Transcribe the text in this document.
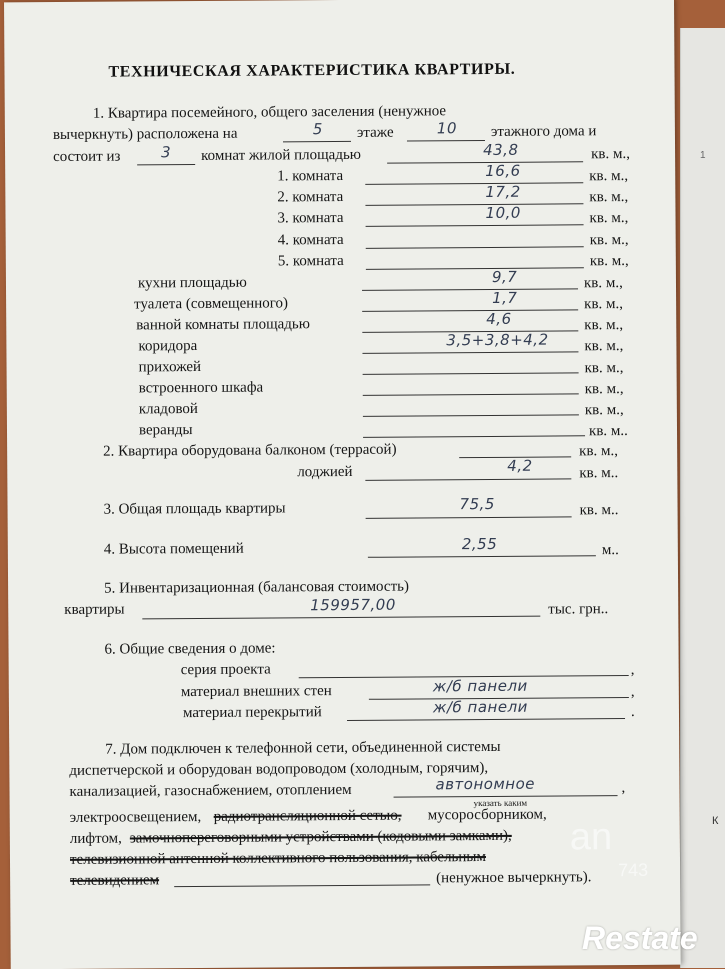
1
К
ТЕХНИЧЕСКАЯ ХАРАКТЕРИСТИКА КВАРТИРЫ.
1. Квартира посемейного, общего заселения (ненужное
вычеркнуть) расположена на	5 этаже	10 этажного дома и
состоит из	3 комнат жилой площадью	43,8	кв. м.,
1. комната	16,6	кв. м.,
2. комната	17,2	кв. м.,
3. комната	10,0	кв. м.,
4. комната	кв. м.,
5. комната	кв. м.,
кухни площадью	9,7	кв. м.,
туалета (совмещенного)	1,7	кв. м.,
ванной комнаты площадью	4,6	кв. м.,
коридора	3,5+3,8+4,2 кв. м.,
прихожей	кв. м.,
встроенного шкафа	кв. м.,
кладовой	кв. м.,
веранды	кв. м..
2. Квартира оборудована балконом (террасой)	кв. м.,
лоджией	4,2	кв. м..
3. Общая площадь квартиры	75,5	кв. м..
4. Высота помещений	2,55	м..
5. Инвентаризационная (балансовая стоимость)
квартиры	159957,00	тыс. грн..
6. Общие сведения о доме:
серия проекта	,
материал внешних стен	ж/б панели	,
материал перекрытий	ж/б панели	.
7. Дом подключен к телефонной сети, объединенной системы
диспетчерской и оборудован водопроводом (холодным, горячим),
канализацией, газоснабжением, отоплением	автономное
указать каким
,
электроосвещением, радиотрансляционной сетью, мусоросборником,
лифтом, замочнопереговорными устройствами (кодовыми замками),
телевизионной антенной коллективного пользования, кабельным
телевидением	(ненужное вычеркнуть).
an
743
Restate
